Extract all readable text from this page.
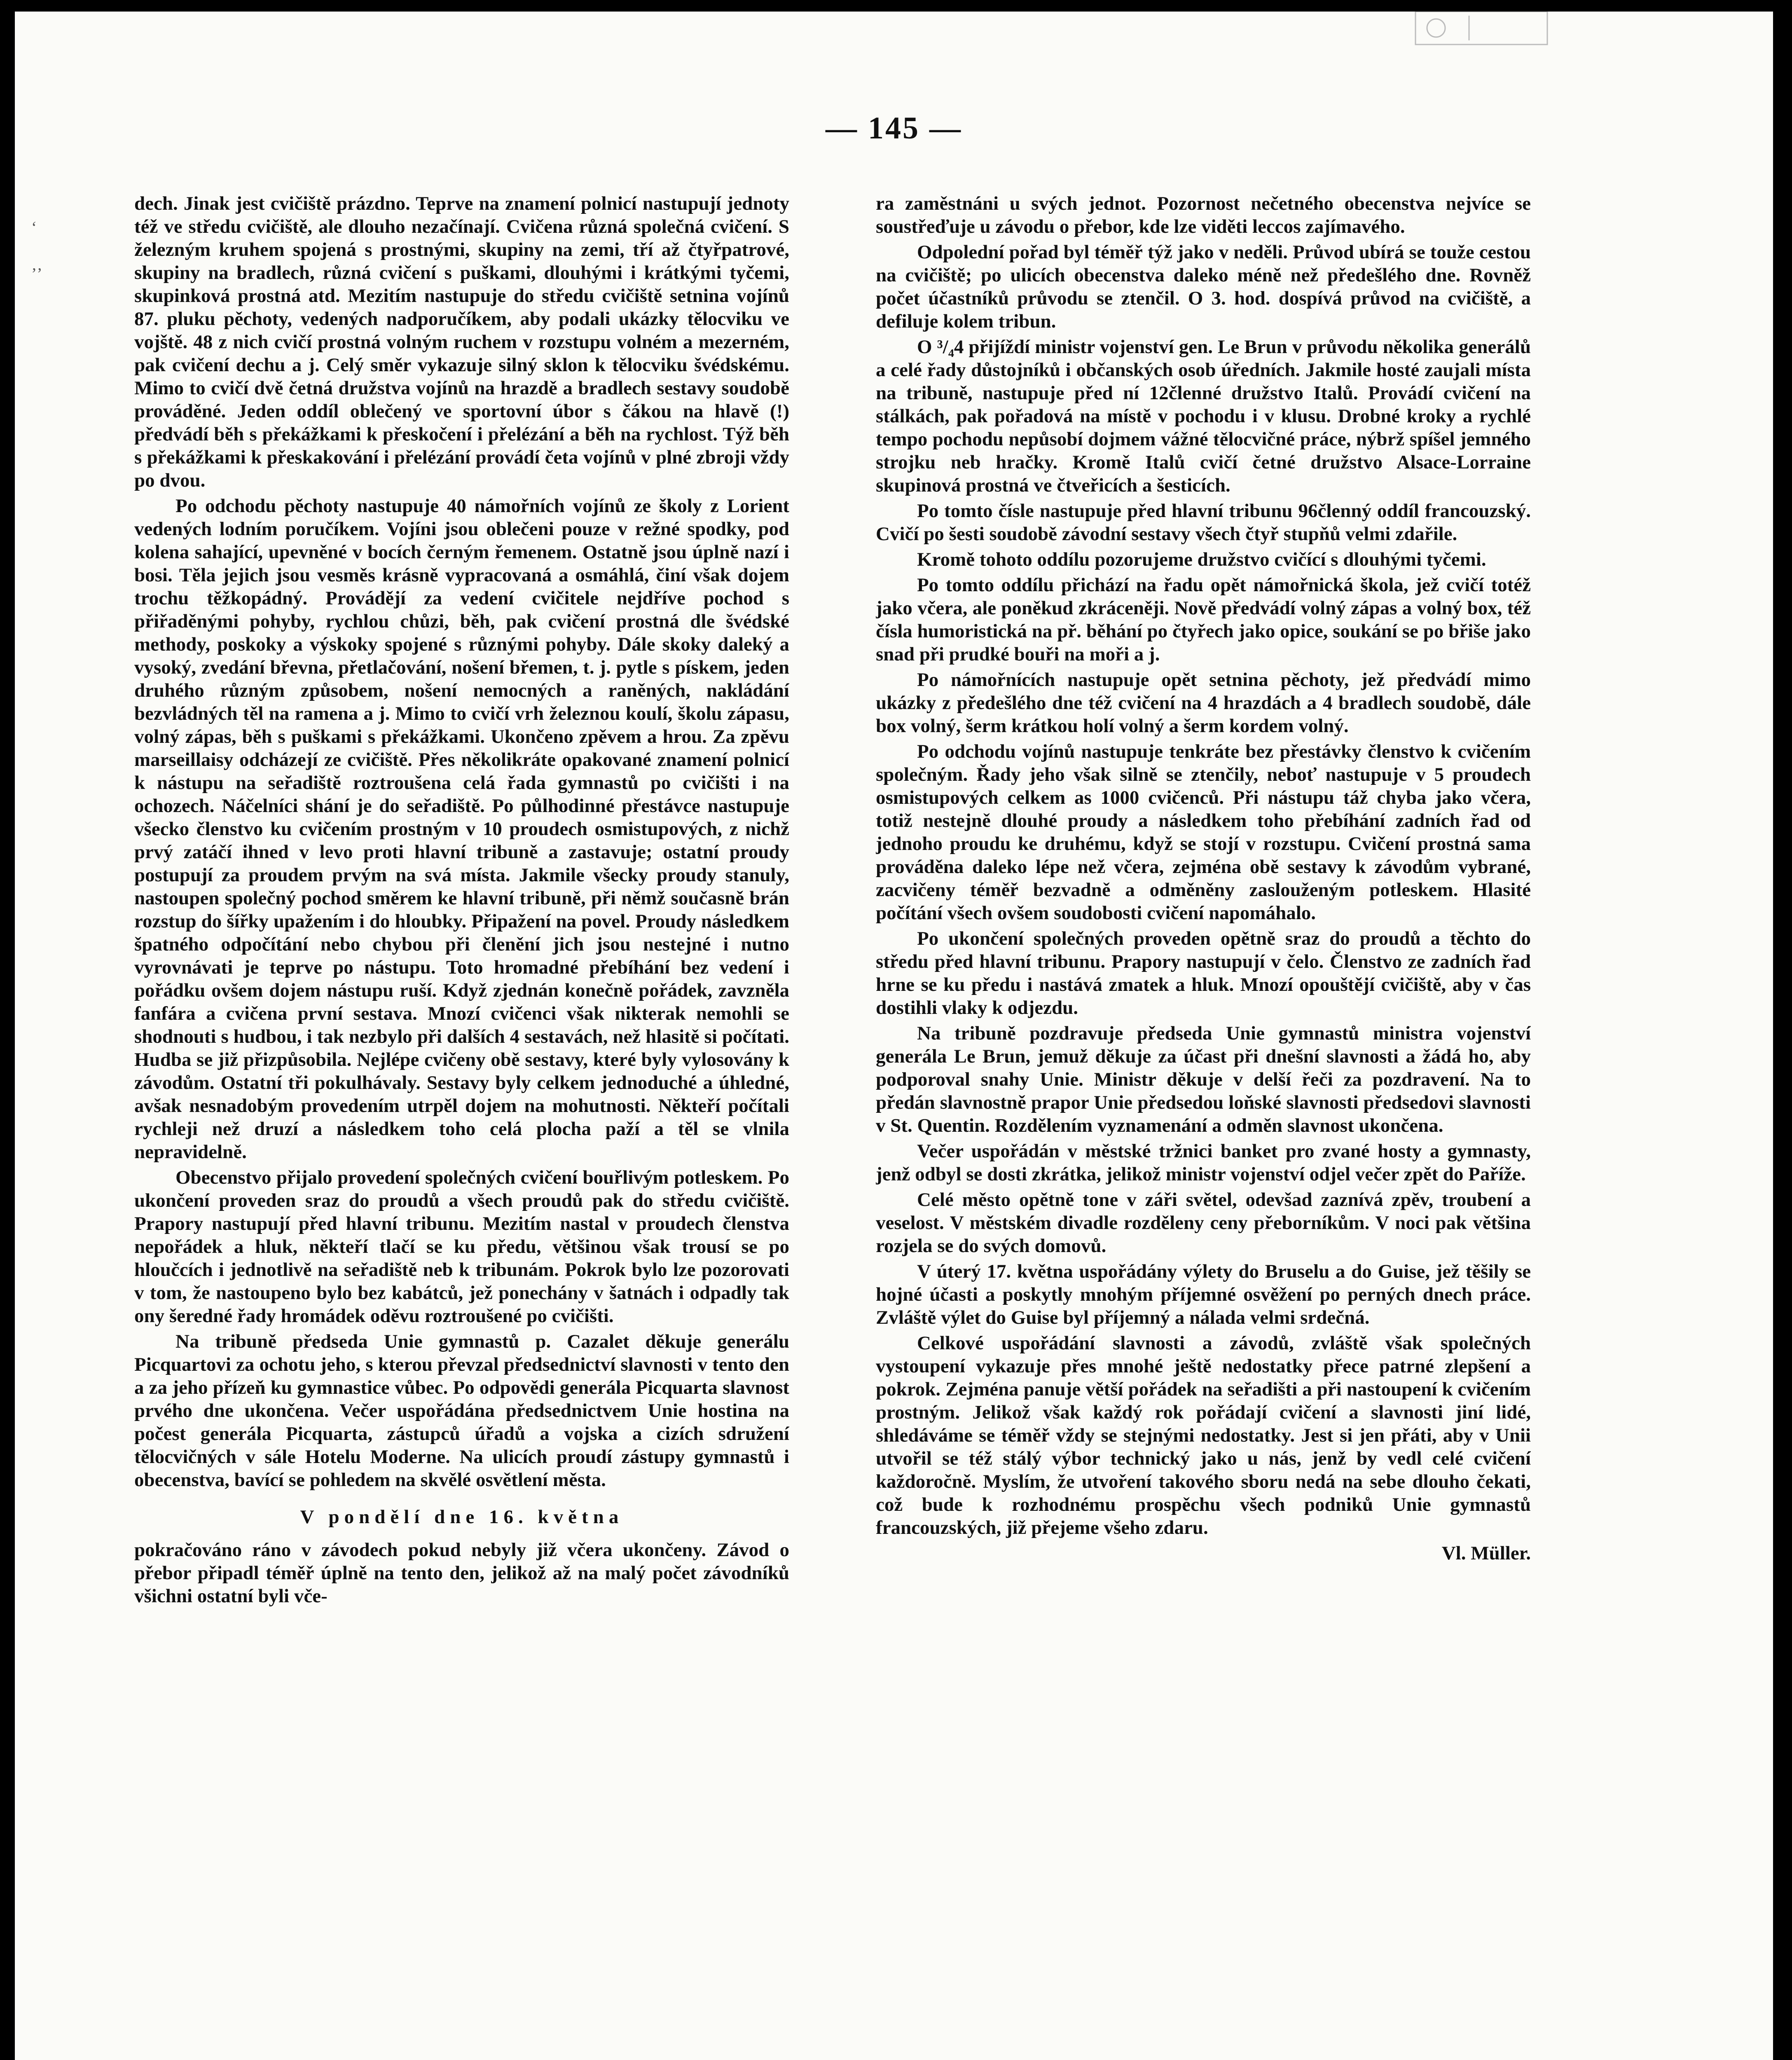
‘
‚‚
— 145 —

dech. Jinak jest cvičiště prázdno. Teprve na znamení polnicí nastupují jednoty též ve středu cvičiště, ale dlouho nezačínají. Cvičena různá společná cvičení. S železným kruhem spojená s prostnými, skupiny na zemi, tří až čtyřpatrové, skupiny na bradlech, různá cvičení s puškami, dlouhými i krátkými tyčemi, skupinková prostná atd. Mezitím nastupuje do středu cvičiště setnina vojínů 87. pluku pěchoty, vedených nadporučíkem, aby podali ukázky tělocviku ve vojště. 48 z nich cvičí prostná volným ruchem v rozstupu volném a mezerném, pak cvičení dechu a j. Celý směr vykazuje silný sklon k tělocviku švédskému. Mimo to cvičí dvě četná družstva vojínů na hrazdě a bradlech sestavy soudobě prováděné. Jeden oddíl oblečený ve sportovní úbor s čákou na hlavě (!) předvádí běh s překážkami k přeskočení i přelézání a běh na rychlost. Týž běh s překážkami k přeskakování i přelézání provádí četa vojínů v plné zbroji vždy po dvou.

Po odchodu pěchoty nastupuje 40 námořních vojínů ze školy z Lorient vedených lodním poručíkem. Vojíni jsou oblečeni pouze v režné spodky, pod kolena sahající, upevněné v bocích černým řemenem. Ostatně jsou úplně nazí i bosi. Těla jejich jsou vesměs krásně vypracovaná a osmáhlá, činí však dojem trochu těžkopádný. Provádějí za vedení cvičitele nejdříve pochod s přiřaděnými pohyby, rychlou chůzi, běh, pak cvičení prostná dle švédské methody, poskoky a výskoky spojené s různými pohyby. Dále skoky daleký a vysoký, zvedání břevna, přetlačování, nošení břemen, t. j. pytle s pískem, jeden druhého různým způsobem, nošení nemocných a raněných, nakládání bezvládných těl na ramena a j. Mimo to cvičí vrh železnou koulí, školu zápasu, volný zápas, běh s puškami s překážkami. Ukončeno zpěvem a hrou. Za zpěvu marseillaisy odcházejí ze cvičiště. Přes několikráte opakované znamení polnicí k nástupu na seřadiště roztroušena celá řada gymnastů po cvičišti i na ochozech. Náčelníci shání je do seřadiště. Po půlhodinné přestávce nastupuje všecko členstvo ku cvičením prostným v 10 proudech osmistupových, z nichž prvý zatáčí ihned v levo proti hlavní tribuně a zastavuje; ostatní proudy postupují za proudem prvým na svá místa. Jakmile všecky proudy stanuly, nastoupen společný pochod směrem ke hlavní tribuně, při němž současně brán rozstup do šířky upažením i do hloubky. Připažení na povel. Proudy následkem špatného odpočítání nebo chybou při členění jich jsou nestejné i nutno vyrovnávati je teprve po nástupu. Toto hromadné přebíhání bez vedení i pořádku ovšem dojem nástupu ruší. Když zjednán konečně pořádek, zavzněla fanfára a cvičena první sestava. Mnozí cvičenci však nikterak nemohli se shodnouti s hudbou, i tak nezbylo při dalších 4 sestavách, než hlasitě si počítati. Hudba se již přizpůsobila. Nejlépe cvičeny obě sestavy, které byly vylosovány k závodům. Ostatní tři pokulhávaly. Sestavy byly celkem jednoduché a úhledné, avšak nesnadobým provedením utrpěl dojem na mohutnosti. Někteří počítali rychleji než druzí a následkem toho celá plocha paží a těl se vlnila nepravidelně.

Obecenstvo přijalo provedení společných cvičení bouřlivým potleskem. Po ukončení proveden sraz do proudů a všech proudů pak do středu cvičiště. Prapory nastupují před hlavní tribunu. Mezitím nastal v proudech členstva nepořádek a hluk, někteří tlačí se ku předu, většinou však trousí se po hloučcích i jednotlivě na seřadiště neb k tribunám. Pokrok bylo lze pozorovati v tom, že nastoupeno bylo bez kabátců, jež ponechány v šatnách i odpadly tak ony šeredné řady hromádek oděvu roztroušené po cvičišti.

Na tribuně předseda Unie gymnastů p. Cazalet děkuje generálu Picquartovi za ochotu jeho, s kterou převzal předsednictví slavnosti v tento den a za jeho přízeň ku gymnastice vůbec. Po odpovědi generála Picquarta slavnost prvého dne ukončena. Večer uspořádána předsednictvem Unie hostina na počest generála Picquarta, zástupců úřadů a vojska a cizích sdružení tělocvičných v sále Hotelu Moderne. Na ulicích proudí zástupy gymnastů i obecenstva, bavící se pohledem na skvělé osvětlení města.

V pondělí dne 16. května

pokračováno ráno v závodech pokud nebyly již včera ukončeny. Závod o přebor připadl téměř úplně na tento den, jelikož až na malý počet závodníků všichni ostatní byli vče-

ra zaměstnáni u svých jednot. Pozornost nečetného obecenstva nejvíce se soustřeďuje u závodu o přebor, kde lze viděti leccos zajímavého.

Odpolední pořad byl téměř týž jako v neděli. Průvod ubírá se touže cestou na cvičiště; po ulicích obecenstva daleko méně než předešlého dne. Rovněž počet účastníků průvodu se ztenčil. O 3. hod. dospívá průvod na cvičiště, a defiluje kolem tribun.

O ³/₄4 přijíždí ministr vojenství gen. Le Brun v průvodu několika generálů a celé řady důstojníků i občanských osob úředních. Jakmile hosté zaujali místa na tribuně, nastupuje před ní 12členné družstvo Italů. Provádí cvičení na stálkách, pak pořadová na místě v pochodu i v klusu. Drobné kroky a rychlé tempo pochodu nepůsobí dojmem vážné tělocvičné práce, nýbrž spíšel jemného strojku neb hračky. Kromě Italů cvičí četné družstvo Alsace-Lorraine skupinová prostná ve čtveřicích a šesticích.

Po tomto čísle nastupuje před hlavní tribunu 96členný oddíl francouzský. Cvičí po šesti soudobě závodní sestavy všech čtyř stupňů velmi zdařile.

Kromě tohoto oddílu pozorujeme družstvo cvičící s dlouhými tyčemi.

Po tomto oddílu přichází na řadu opět námořnická škola, jež cvičí totéž jako včera, ale poněkud zkráceněji. Nově předvádí volný zápas a volný box, též čísla humoristická na př. běhání po čtyřech jako opice, soukání se po břiše jako snad při prudké bouři na moři a j.

Po námořnících nastupuje opět setnina pěchoty, jež předvádí mimo ukázky z předešlého dne též cvičení na 4 hrazdách a 4 bradlech soudobě, dále box volný, šerm krátkou holí volný a šerm kordem volný.

Po odchodu vojínů nastupuje tenkráte bez přestávky členstvo k cvičením společným. Řady jeho však silně se ztenčily, neboť nastupuje v 5 proudech osmistupových celkem as 1000 cvičenců. Při nástupu táž chyba jako včera, totiž nestejně dlouhé proudy a následkem toho přebíhání zadních řad od jednoho proudu ke druhému, když se stojí v rozstupu. Cvičení prostná sama prováděna daleko lépe než včera, zejména obě sestavy k závodům vybrané, zacvičeny téměř bezvadně a odměněny zaslouženým potleskem. Hlasité počítání všech ovšem soudobosti cvičení napomáhalo.

Po ukončení společných proveden opětně sraz do proudů a těchto do středu před hlavní tribunu. Prapory nastupují v čelo. Členstvo ze zadních řad hrne se ku předu i nastává zmatek a hluk. Mnozí opouštějí cvičiště, aby v čas dostihli vlaky k odjezdu.

Na tribuně pozdravuje předseda Unie gymnastů ministra vojenství generála Le Brun, jemuž děkuje za účast při dnešní slavnosti a žádá ho, aby podporoval snahy Unie. Ministr děkuje v delší řeči za pozdravení. Na to předán slavnostně prapor Unie předsedou loňské slavnosti předsedovi slavnosti v St. Quentin. Rozdělením vyznamenání a odměn slavnost ukončena.

Večer uspořádán v městské tržnici banket pro zvané hosty a gymnasty, jenž odbyl se dosti zkrátka, jelikož ministr vojenství odjel večer zpět do Paříže.

Celé město opětně tone v záři světel, odevšad zaznívá zpěv, troubení a veselost. V městském divadle rozděleny ceny přeborníkům. V noci pak většina rozjela se do svých domovů.

V úterý 17. května uspořádány výlety do Bruselu a do Guise, jež těšily se hojné účasti a poskytly mnohým příjemné osvěžení po perných dnech práce. Zvláště výlet do Guise byl příjemný a nálada velmi srdečná.

Celkové uspořádání slavnosti a závodů, zvláště však společných vystoupení vykazuje přes mnohé ještě nedostatky přece patrné zlepšení a pokrok. Zejména panuje větší pořádek na seřadišti a při nastoupení k cvičením prostným. Jelikož však každý rok pořádají cvičení a slavnosti jiní lidé, shledáváme se téměř vždy se stejnými nedostatky. Jest si jen přáti, aby v Unii utvořil se též stálý výbor technický jako u nás, jenž by vedl celé cvičení každoročně. Myslím, že utvoření takového sboru nedá na sebe dlouho čekati, což bude k rozhodnému prospěchu všech podniků Unie gymnastů francouzských, již přejeme všeho zdaru.

Vl. Müller.
